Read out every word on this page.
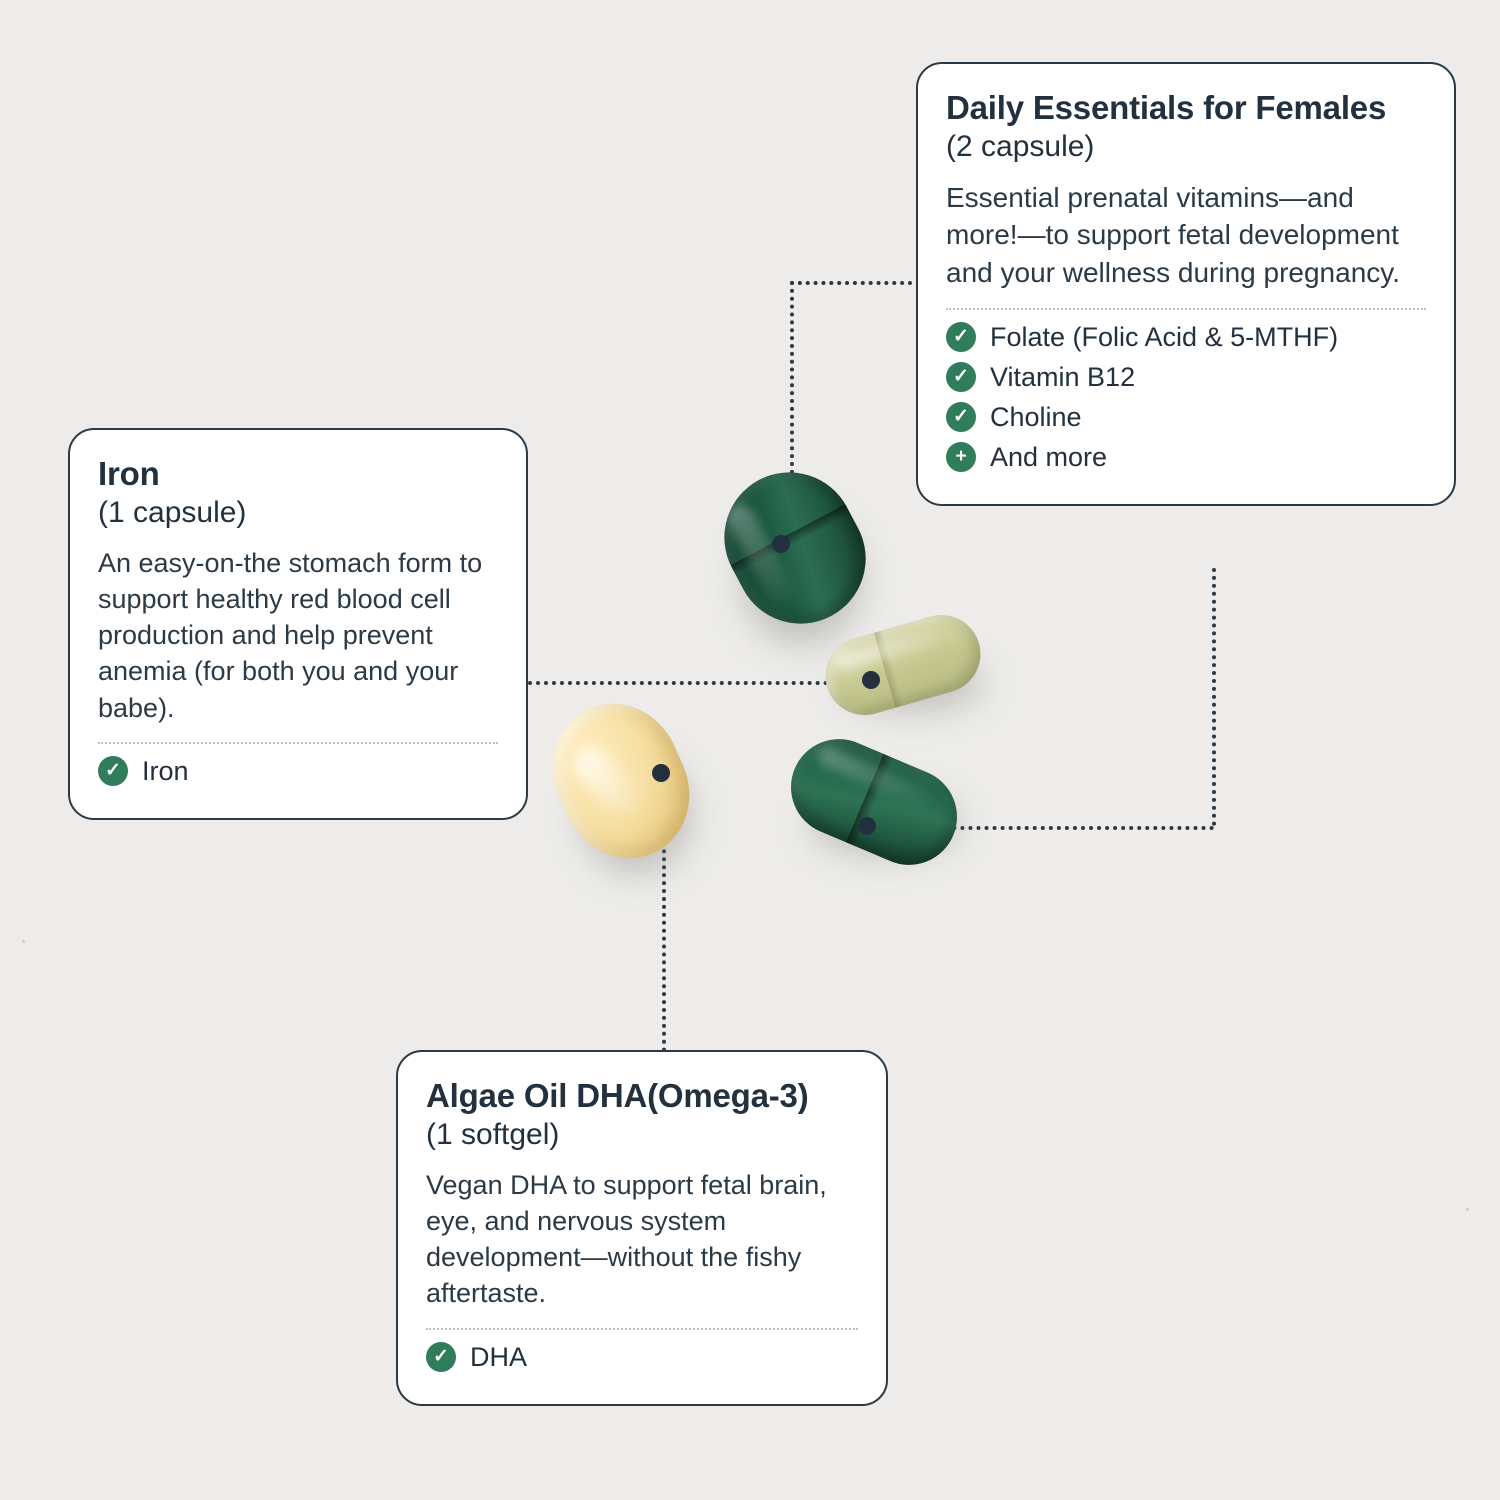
Daily Essentials for Females
(2 capsule)
Essential prenatal vitamins—and more!—to support fetal development and your wellness during pregnancy.
✓ Folate (Folic Acid & 5-MTHF)
✓ Vitamin B12
✓ Choline
+ And more
Iron
(1 capsule)
An easy-on-the stomach form to support healthy red blood cell production and help prevent anemia (for both you and your babe).
✓ Iron
Algae Oil DHA(Omega-3)
(1 softgel)
Vegan DHA to support fetal brain, eye, and nervous system development—without the fishy aftertaste.
✓ DHA
